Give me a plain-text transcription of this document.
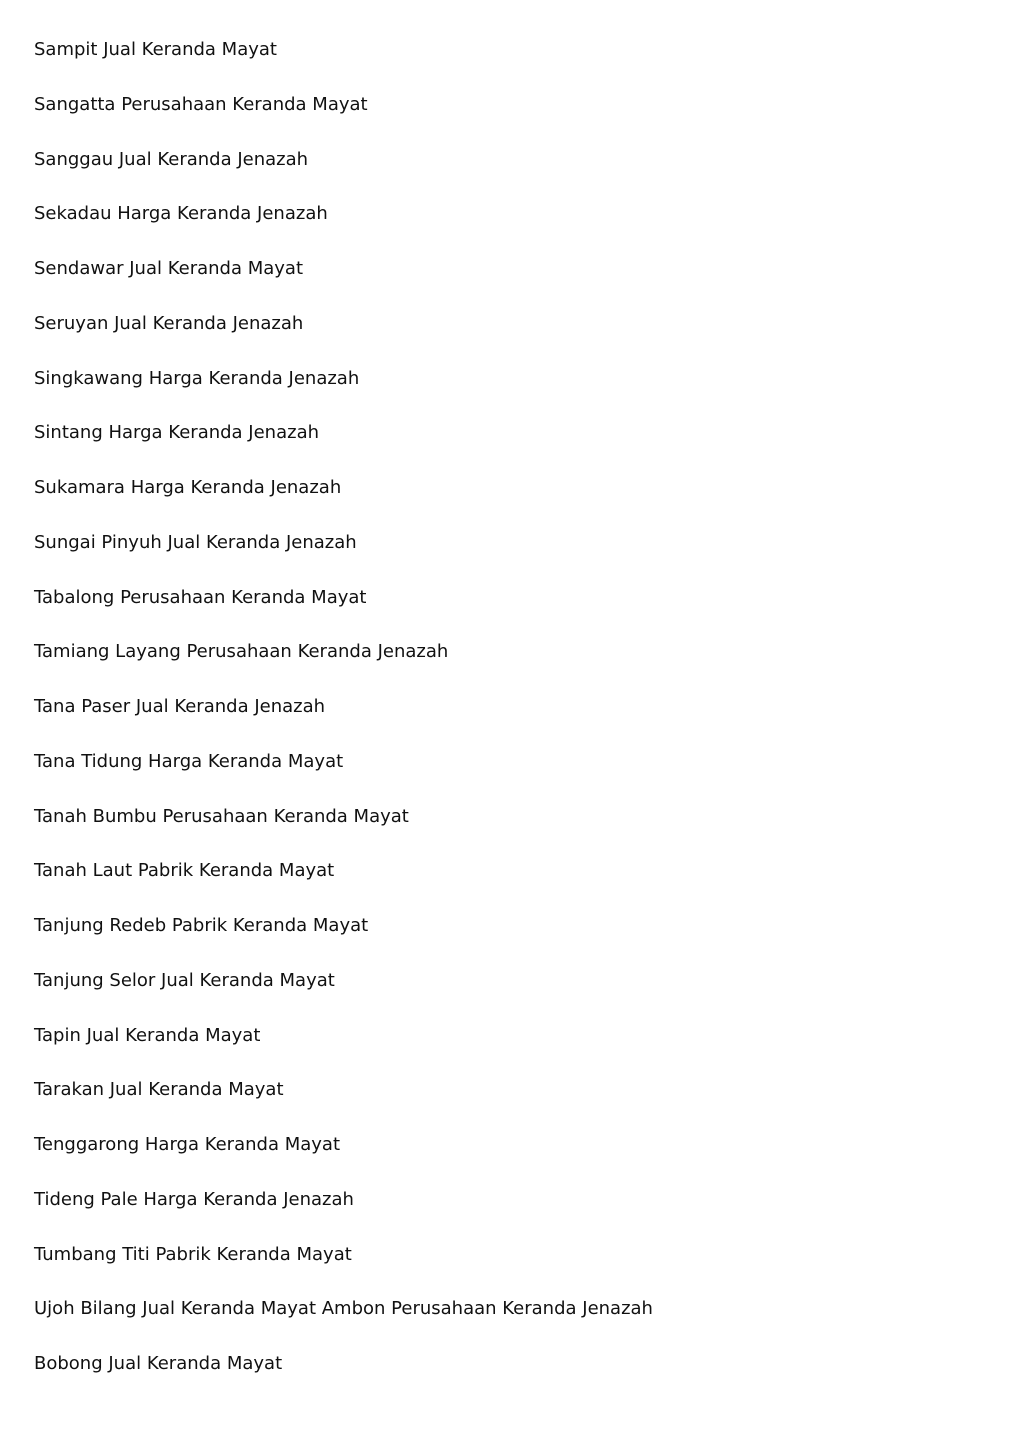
Sampit Jual Keranda Mayat
Sangatta Perusahaan Keranda Mayat
Sanggau Jual Keranda Jenazah
Sekadau Harga Keranda Jenazah
Sendawar Jual Keranda Mayat
Seruyan Jual Keranda Jenazah
Singkawang Harga Keranda Jenazah
Sintang Harga Keranda Jenazah
Sukamara Harga Keranda Jenazah
Sungai Pinyuh Jual Keranda Jenazah
Tabalong Perusahaan Keranda Mayat
Tamiang Layang Perusahaan Keranda Jenazah
Tana Paser Jual Keranda Jenazah
Tana Tidung Harga Keranda Mayat
Tanah Bumbu Perusahaan Keranda Mayat
Tanah Laut Pabrik Keranda Mayat
Tanjung Redeb Pabrik Keranda Mayat
Tanjung Selor Jual Keranda Mayat
Tapin Jual Keranda Mayat
Tarakan Jual Keranda Mayat
Tenggarong Harga Keranda Mayat
Tideng Pale Harga Keranda Jenazah
Tumbang Titi Pabrik Keranda Mayat
Ujoh Bilang Jual Keranda Mayat Ambon Perusahaan Keranda Jenazah
Bobong Jual Keranda Mayat
